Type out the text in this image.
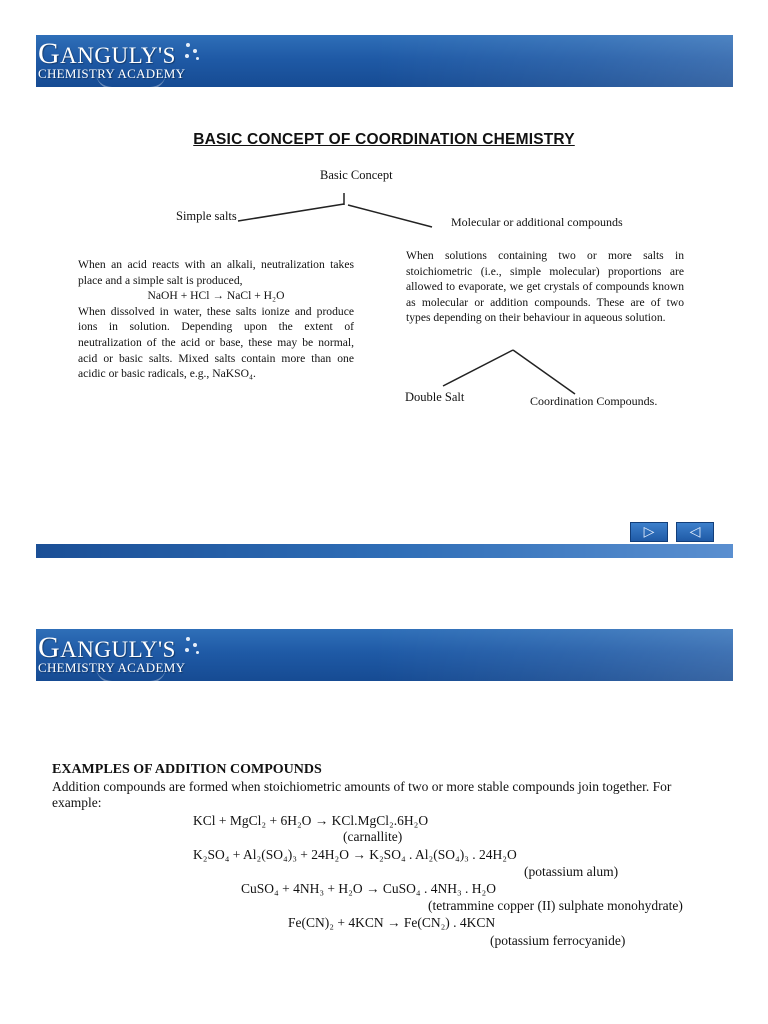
GANGULY'S
CHEMISTRY ACADEMY
BASIC CONCEPT OF COORDINATION CHEMISTRY
Basic Concept
Simple salts	Molecular or additional compounds
When an acid reacts with an alkali, neutralization takes place and a simple salt is produced,
NaOH + HCl → NaCl + H₂O
When dissolved in water, these salts ionize and produce ions in solution. Depending upon the extent of neutralization of the acid or base, these may be normal, acid or basic salts. Mixed salts contain more than one acidic or basic radicals, e.g., NaKSO₄.
When solutions containing two or more salts in stoichiometric (i.e., simple molecular) proportions are allowed to evaporate, we get crystals of compounds known as molecular or addition compounds. These are of two types depending on their behaviour in aqueous solution.
Double Salt	Coordination Compounds.
▷	◁
GANGULY'S
CHEMISTRY ACADEMY
EXAMPLES OF ADDITION COMPOUNDS
Addition compounds are formed when stoichiometric amounts of two or more stable compounds join together. For example:
KCl + MgCl₂ + 6H₂O → KCl.MgCl₂.6H₂O
(carnallite)
K₂SO₄ + Al₂(SO₄)₃ + 24H₂O → K₂SO₄ . Al₂(SO₄)₃ . 24H₂O
(potassium alum)
CuSO₄ + 4NH₃ + H₂O → CuSO₄ . 4NH₃ . H₂O
(tetrammine copper (II) sulphate monohydrate)
Fe(CN)₂ + 4KCN → Fe(CN₂) . 4KCN
(potassium ferrocyanide)
